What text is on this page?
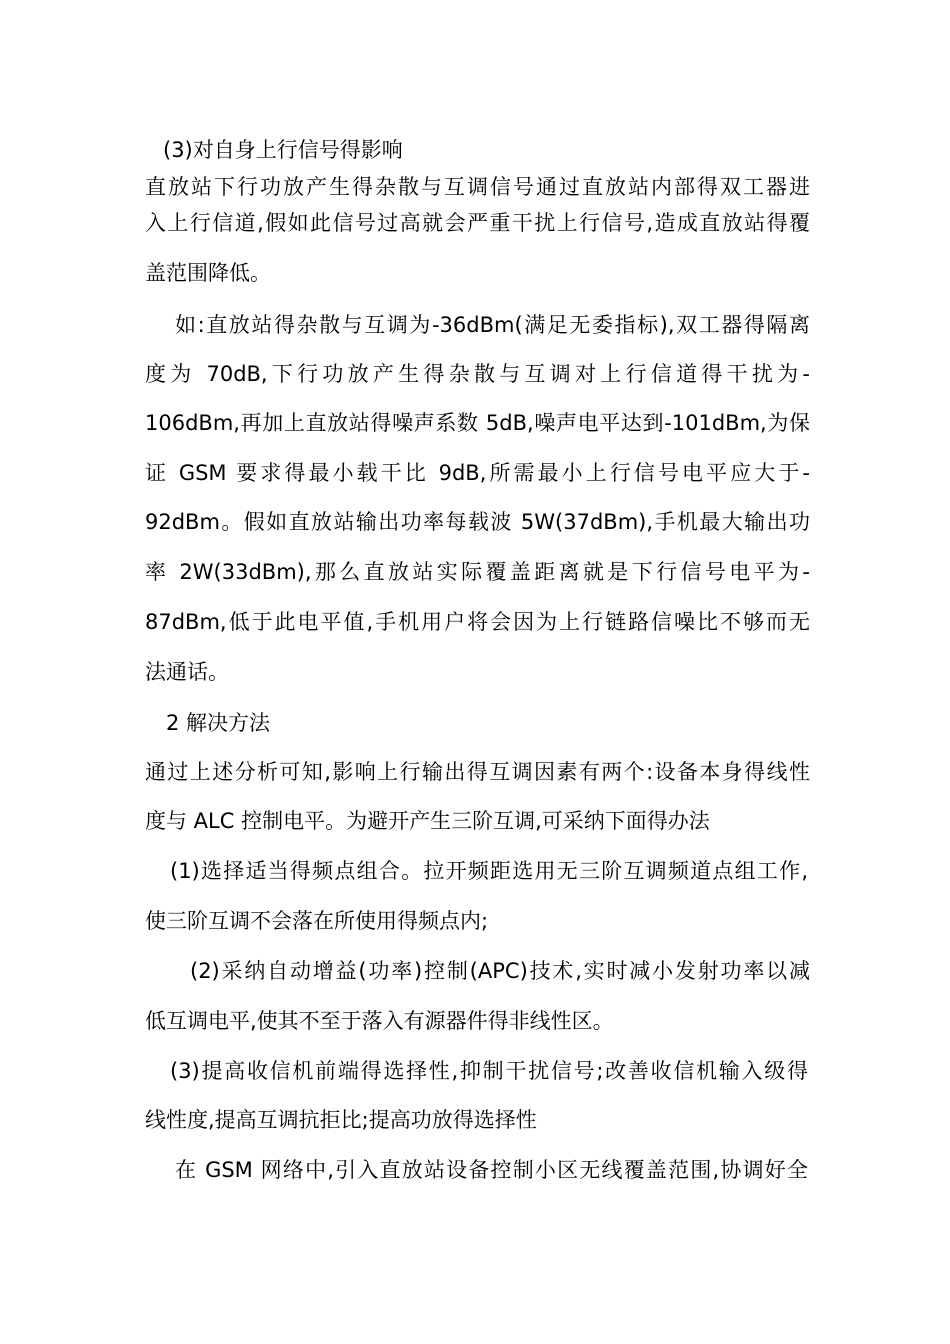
(3)对自身上行信号得影响
直放站下行功放产生得杂散与互调信号通过直放站内部得双工器进
入上行信道,假如此信号过高就会严重干扰上行信号,造成直放站得覆
盖范围降低。
如:直放站得杂散与互调为-36dBm(满足无委指标),双工器得隔离
度为 70dB,下行功放产生得杂散与互调对上行信道得干扰为-
106dBm,再加上直放站得噪声系数 5dB,噪声电平达到-101dBm,为保
证 GSM 要求得最小载干比 9dB,所需最小上行信号电平应大于-
92dBm。假如直放站输出功率每载波 5W(37dBm),手机最大输出功
率 2W(33dBm),那么直放站实际覆盖距离就是下行信号电平为-
87dBm,低于此电平值,手机用户将会因为上行链路信噪比不够而无
法通话。
2 解决方法
通过上述分析可知,影响上行输出得互调因素有两个:设备本身得线性
度与 ALC 控制电平。为避开产生三阶互调,可采纳下面得办法
(1)选择适当得频点组合。拉开频距选用无三阶互调频道点组工作,
使三阶互调不会落在所使用得频点内;
(2)采纳自动增益(功率)控制(APC)技术,实时减小发射功率以减
低互调电平,使其不至于落入有源器件得非线性区。
(3)提高收信机前端得选择性,抑制干扰信号;改善收信机输入级得
线性度,提高互调抗拒比;提高功放得选择性
在 GSM 网络中,引入直放站设备控制小区无线覆盖范围,协调好全
